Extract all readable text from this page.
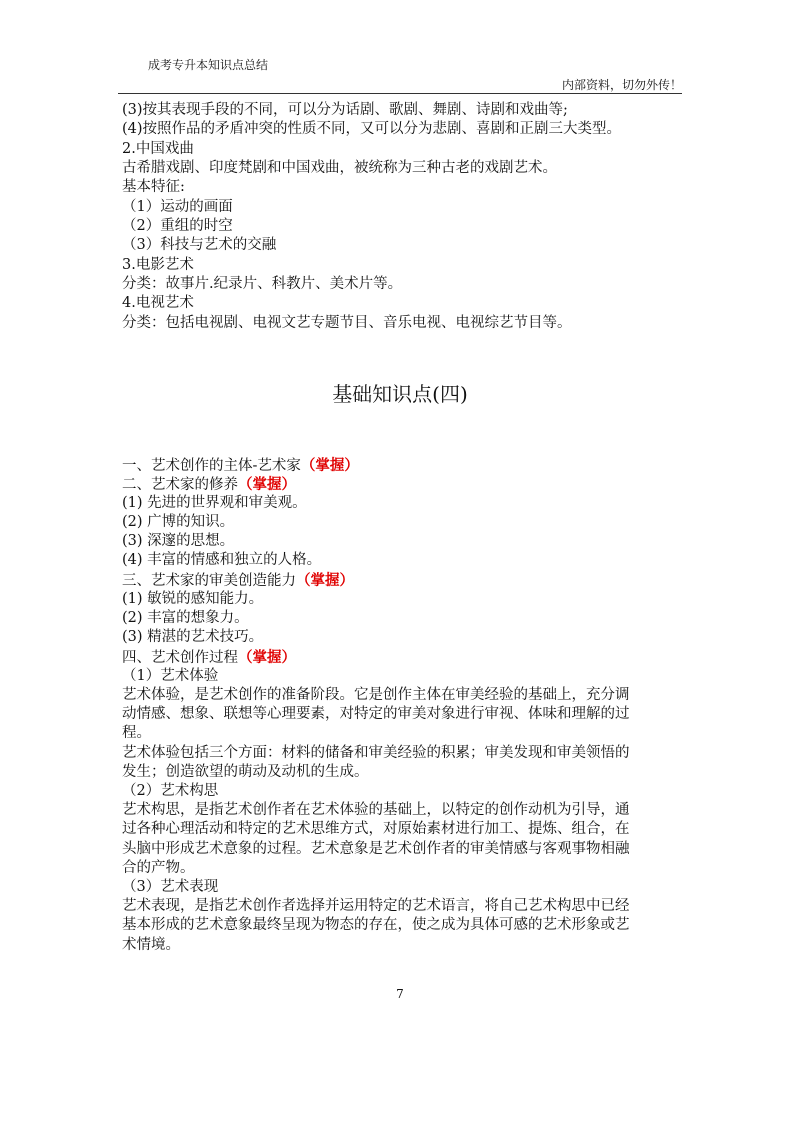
成考专升本知识点总结
内部资料，切勿外传！
(3)按其表现手段的不同，可以分为话剧、歌剧、舞剧、诗剧和戏曲等;
(4)按照作品的矛盾冲突的性质不同，又可以分为悲剧、喜剧和正剧三大类型。
2.中国戏曲
古希腊戏剧、印度梵剧和中国戏曲，被统称为三种古老的戏剧艺术。
基本特征:
（1）运动的画面
（2）重组的时空
（3）科技与艺术的交融
3.电影艺术
分类：故事片.纪录片、科教片、美术片等。
4.电视艺术
分类：包括电视剧、电视文艺专题节目、音乐电视、电视综艺节目等。
基础知识点(四)
一、艺术创作的主体-艺术家（掌握）
二、艺术家的修养（掌握）
(1) 先进的世界观和审美观。
(2) 广博的知识。
(3) 深邃的思想。
(4) 丰富的情感和独立的人格。
三、艺术家的审美创造能力（掌握）
(1) 敏锐的感知能力。
(2) 丰富的想象力。
(3) 精湛的艺术技巧。
四、艺术创作过程（掌握）
（1）艺术体验
艺术体验，是艺术创作的准备阶段。它是创作主体在审美经验的基础上，充分调
动情感、想象、联想等心理要素，对特定的审美对象进行审视、体味和理解的过
程。
艺术体验包括三个方面：材料的储备和审美经验的积累；审美发现和审美领悟的
发生；创造欲望的萌动及动机的生成。
（2）艺术构思
艺术构思，是指艺术创作者在艺术体验的基础上，以特定的创作动机为引导，通
过各种心理活动和特定的艺术思维方式，对原始素材进行加工、提炼、组合，在
头脑中形成艺术意象的过程。艺术意象是艺术创作者的审美情感与客观事物相融
合的产物。
（3）艺术表现
艺术表现，是指艺术创作者选择并运用特定的艺术语言，将自己艺术构思中已经
基本形成的艺术意象最终呈现为物态的存在，使之成为具体可感的艺术形象或艺
术情境。
7
